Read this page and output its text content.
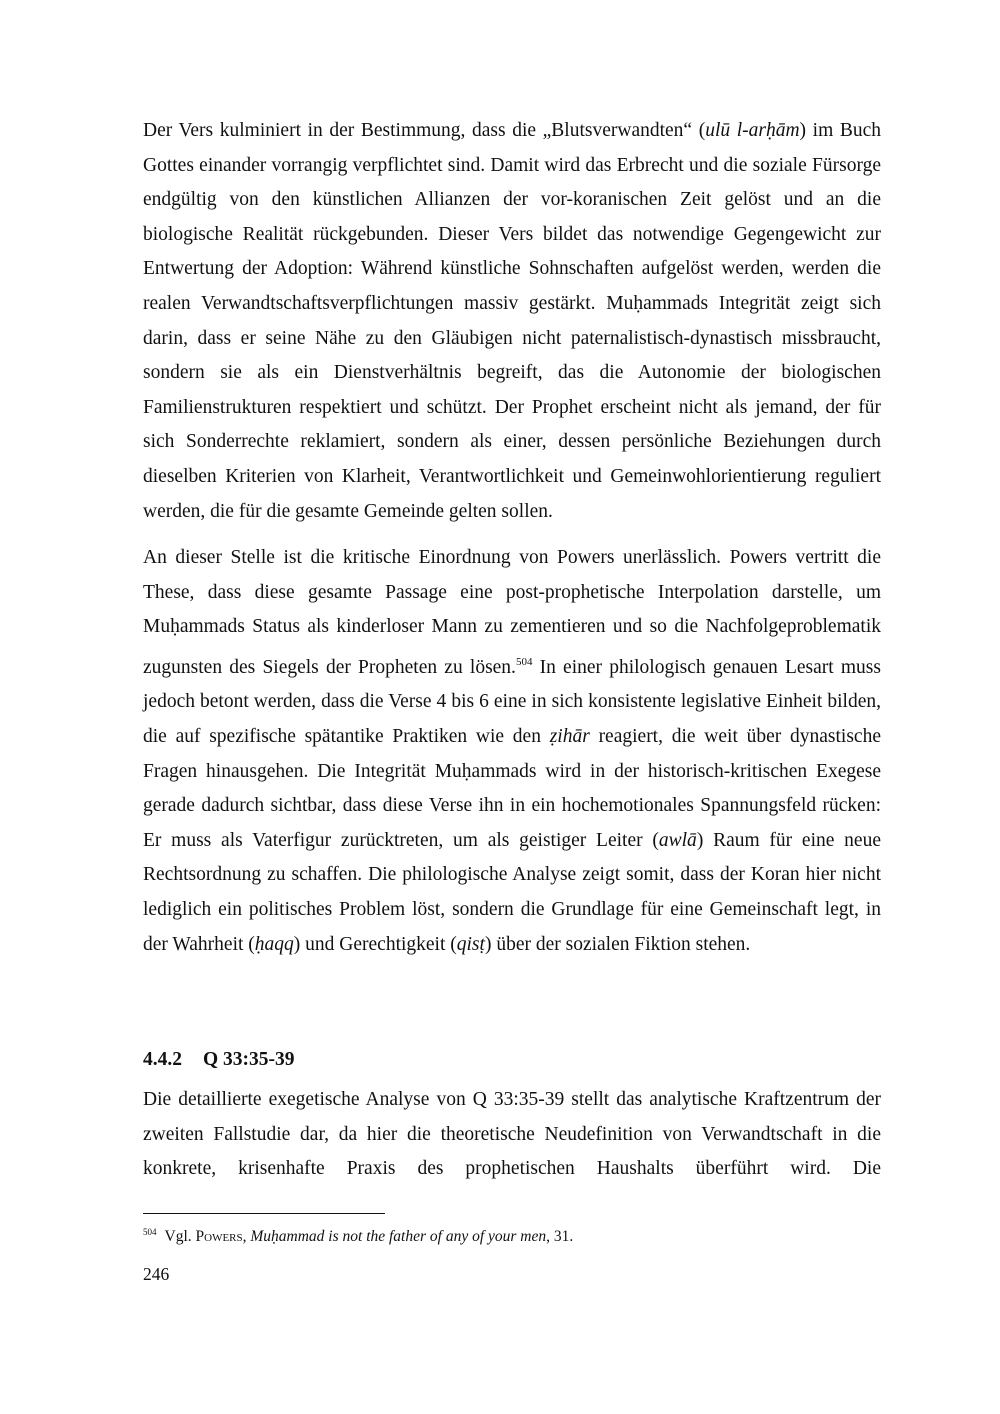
Der Vers kulminiert in der Bestimmung, dass die „Blutsverwandten“ (ulū l-arḥām) im Buch Gottes einander vorrangig verpflichtet sind. Damit wird das Erbrecht und die soziale Fürsorge endgültig von den künstlichen Allianzen der vor-koranischen Zeit gelöst und an die biologische Realität rückgebunden. Dieser Vers bildet das notwendige Gegengewicht zur Entwertung der Adoption: Während künstliche Sohnschaften aufgelöst werden, werden die realen Verwandtschaftsverpflichtungen massiv gestärkt. Muḥammads Integrität zeigt sich darin, dass er seine Nähe zu den Gläubigen nicht paternalistisch-dynastisch missbraucht, sondern sie als ein Dienstverhältnis begreift, das die Autonomie der biologischen Familienstrukturen respektiert und schützt. Der Prophet erscheint nicht als jemand, der für sich Sonderrechte reklamiert, sondern als einer, dessen persönliche Beziehungen durch dieselben Kriterien von Klarheit, Verantwortlichkeit und Gemeinwohlorientierung reguliert werden, die für die gesamte Gemeinde gelten sollen.

An dieser Stelle ist die kritische Einordnung von Powers unerlässlich. Powers vertritt die These, dass diese gesamte Passage eine post-prophetische Interpolation darstelle, um Muḥammads Status als kinderloser Mann zu zementieren und so die Nachfolgeproblematik zugunsten des Siegels der Propheten zu lösen.$^{504}$ In einer philologisch genauen Lesart muss jedoch betont werden, dass die Verse 4 bis 6 eine in sich konsistente legislative Einheit bilden, die auf spezifische spätantike Praktiken wie den ẓihār reagiert, die weit über dynastische Fragen hinausgehen. Die Integrität Muḥammads wird in der historisch-kritischen Exegese gerade dadurch sichtbar, dass diese Verse ihn in ein hochemotionales Spannungsfeld rücken: Er muss als Vaterfigur zurücktreten, um als geistiger Leiter (awlā) Raum für eine neue Rechtsordnung zu schaffen. Die philologische Analyse zeigt somit, dass der Koran hier nicht lediglich ein politisches Problem löst, sondern die Grundlage für eine Gemeinschaft legt, in der Wahrheit (ḥaqq) und Gerechtigkeit (qisṭ) über der sozialen Fiktion stehen.

4.4.2 Q 33:35-39

Die detaillierte exegetische Analyse von Q 33:35-39 stellt das analytische Kraftzentrum der zweiten Fallstudie dar, da hier die theoretische Neudefinition von Verwandtschaft in die konkrete, krisenhafte Praxis des prophetischen Haushalts überführt wird. Die

$^{504}$ Vgl. Powers, Muḥammad is not the father of any of your men, 31.
246
